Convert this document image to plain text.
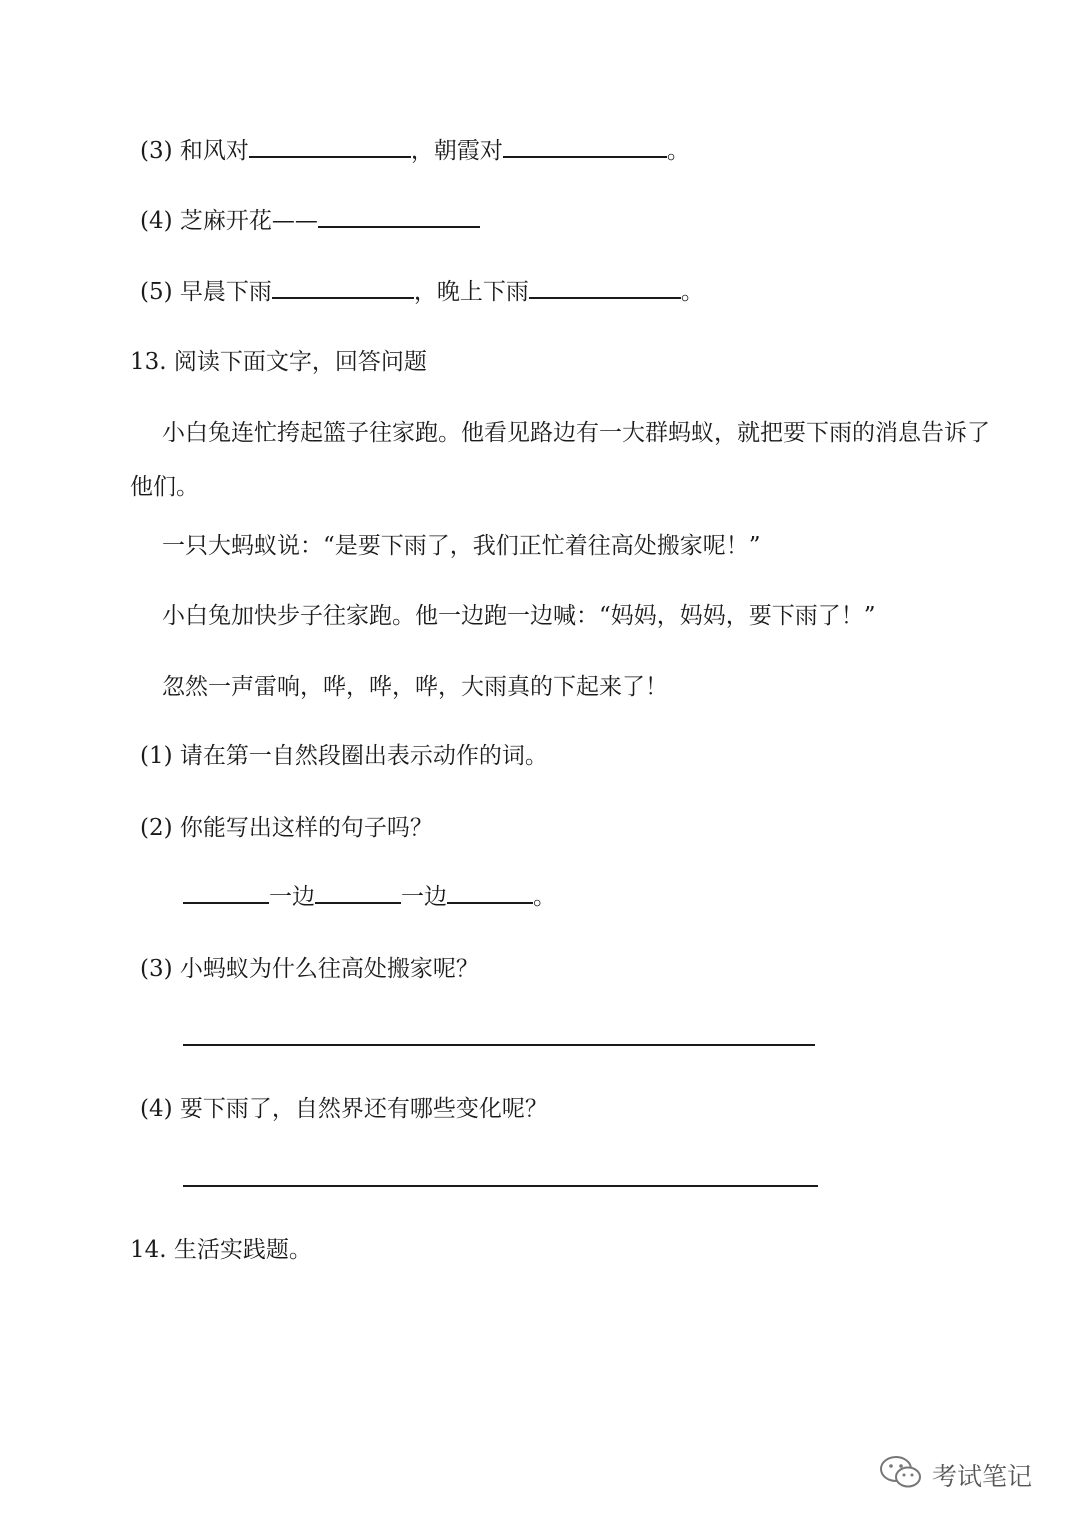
(3) 和风对	，朝霞对	。
(4) 芝麻开花——
(5) 早晨下雨	，晚上下雨	。
13. 阅读下面文字，回答问题
小白兔连忙挎起篮子往家跑。他看见路边有一大群蚂蚁，就把要下雨的消息告诉了
他们。
一只大蚂蚁说：“是要下雨了，我们正忙着往高处搬家呢！”
小白兔加快步子往家跑。他一边跑一边喊：“妈妈，妈妈，要下雨了！”
忽然一声雷响，哗，哗，哗，大雨真的下起来了！
(1) 请在第一自然段圈出表示动作的词。
(2) 你能写出这样的句子吗？
一边	一边	。
(3) 小蚂蚁为什么往高处搬家呢？
(4) 要下雨了，自然界还有哪些变化呢？
14. 生活实践题。
考试笔记
